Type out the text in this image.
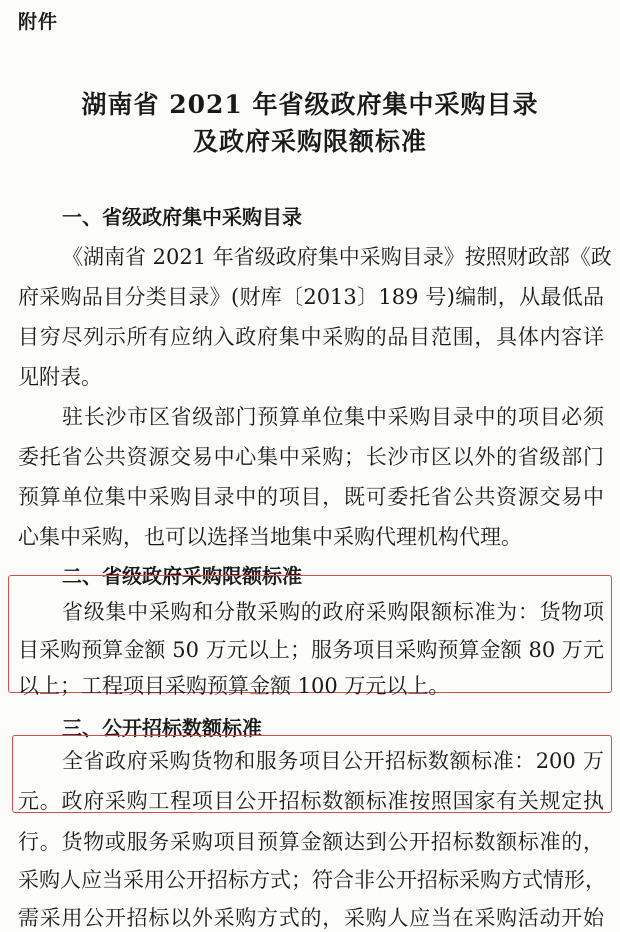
附件
湖南省 2021 年省级政府集中采购目录
及政府采购限额标准
一、省级政府集中采购目录
《湖南省 2021 年省级政府集中采购目录》按照财政部《政
府采购品目分类目录》(财库〔2013〕189 号)编制，从最低品
目穷尽列示所有应纳入政府集中采购的品目范围，具体内容详
见附表。
驻长沙市区省级部门预算单位集中采购目录中的项目必须
委托省公共资源交易中心集中采购；长沙市区以外的省级部门
预算单位集中采购目录中的项目，既可委托省公共资源交易中
心集中采购，也可以选择当地集中采购代理机构代理。
二、省级政府采购限额标准
省级集中采购和分散采购的政府采购限额标准为：货物项
目采购预算金额 50 万元以上；服务项目采购预算金额 80 万元
以上；工程项目采购预算金额 100 万元以上。
三、公开招标数额标准
全省政府采购货物和服务项目公开招标数额标准：200 万
元。政府采购工程项目公开招标数额标准按照国家有关规定执
行。货物或服务采购项目预算金额达到公开招标数额标准的，
采购人应当采用公开招标方式；符合非公开招标采购方式情形，
需采用公开招标以外采购方式的，采购人应当在采购活动开始
